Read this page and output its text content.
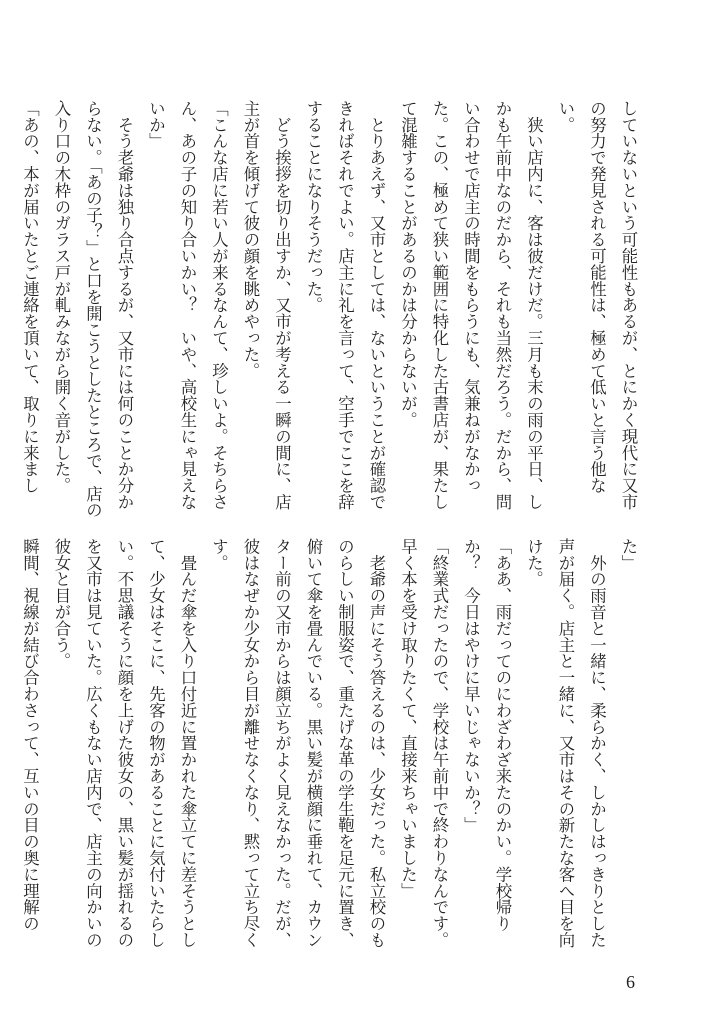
していないという可能性もあるが、とにかく現代に又市
の努力で発見される可能性は、極めて低いと言う他な
い。
　狭い店内に、客は彼だけだ。三月も末の雨の平日、し
かも午前中なのだから、それも当然だろう。だから、問
い合わせで店主の時間をもらうにも、気兼ねがなかっ
た。この、極めて狭い範囲に特化した古書店が、果たし
て混雑することがあるのかは分からないが。
　とりあえず、又市としては、ないということが確認で
きればそれでよい。店主に礼を言って、空手でここを辞
することになりそうだった。
　どう挨拶を切り出すか、又市が考える一瞬の間に、店
主が首を傾げて彼の顔を眺めやった。
「こんな店に若い人が来るなんて、珍しいよ。そちらさ
ん、あの子の知り合いかい？　いや、高校生にゃ見えな
いか」
　そう老爺は独り合点するが、又市には何のことか分か
らない。「あの子？」と口を開こうとしたところで、店の
入り口の木枠のガラス戸が軋みながら開く音がした。
「あの、本が届いたとご連絡を頂いて、取りに来まし
た」
　外の雨音と一緒に、柔らかく、しかしはっきりとした
声が届く。店主と一緒に、又市はその新たな客へ目を向
けた。
「ああ、雨だってのにわざわざ来たのかい。学校帰り
か？　今日はやけに早いじゃないか？」
「終業式だったので、学校は午前中で終わりなんです。
早く本を受け取りたくて、直接来ちゃいました」
　老爺の声にそう答えるのは、少女だった。私立校のも
のらしい制服姿で、重たげな革の学生鞄を足元に置き、
俯いて傘を畳んでいる。黒い髪が横顔に垂れて、カウン
ター前の又市からは顔立ちがよく見えなかった。だが、
彼はなぜか少女から目が離せなくなり、黙って立ち尽く
す。
　畳んだ傘を入り口付近に置かれた傘立てに差そうとし
て、少女はそこに、先客の物があることに気付いたらし
い。不思議そうに顔を上げた彼女の、黒い髪が揺れるの
を又市は見ていた。広くもない店内で、店主の向かいの
彼女と目が合う。
瞬間、視線が結び合わさって、互いの目の奥に理解の
6
